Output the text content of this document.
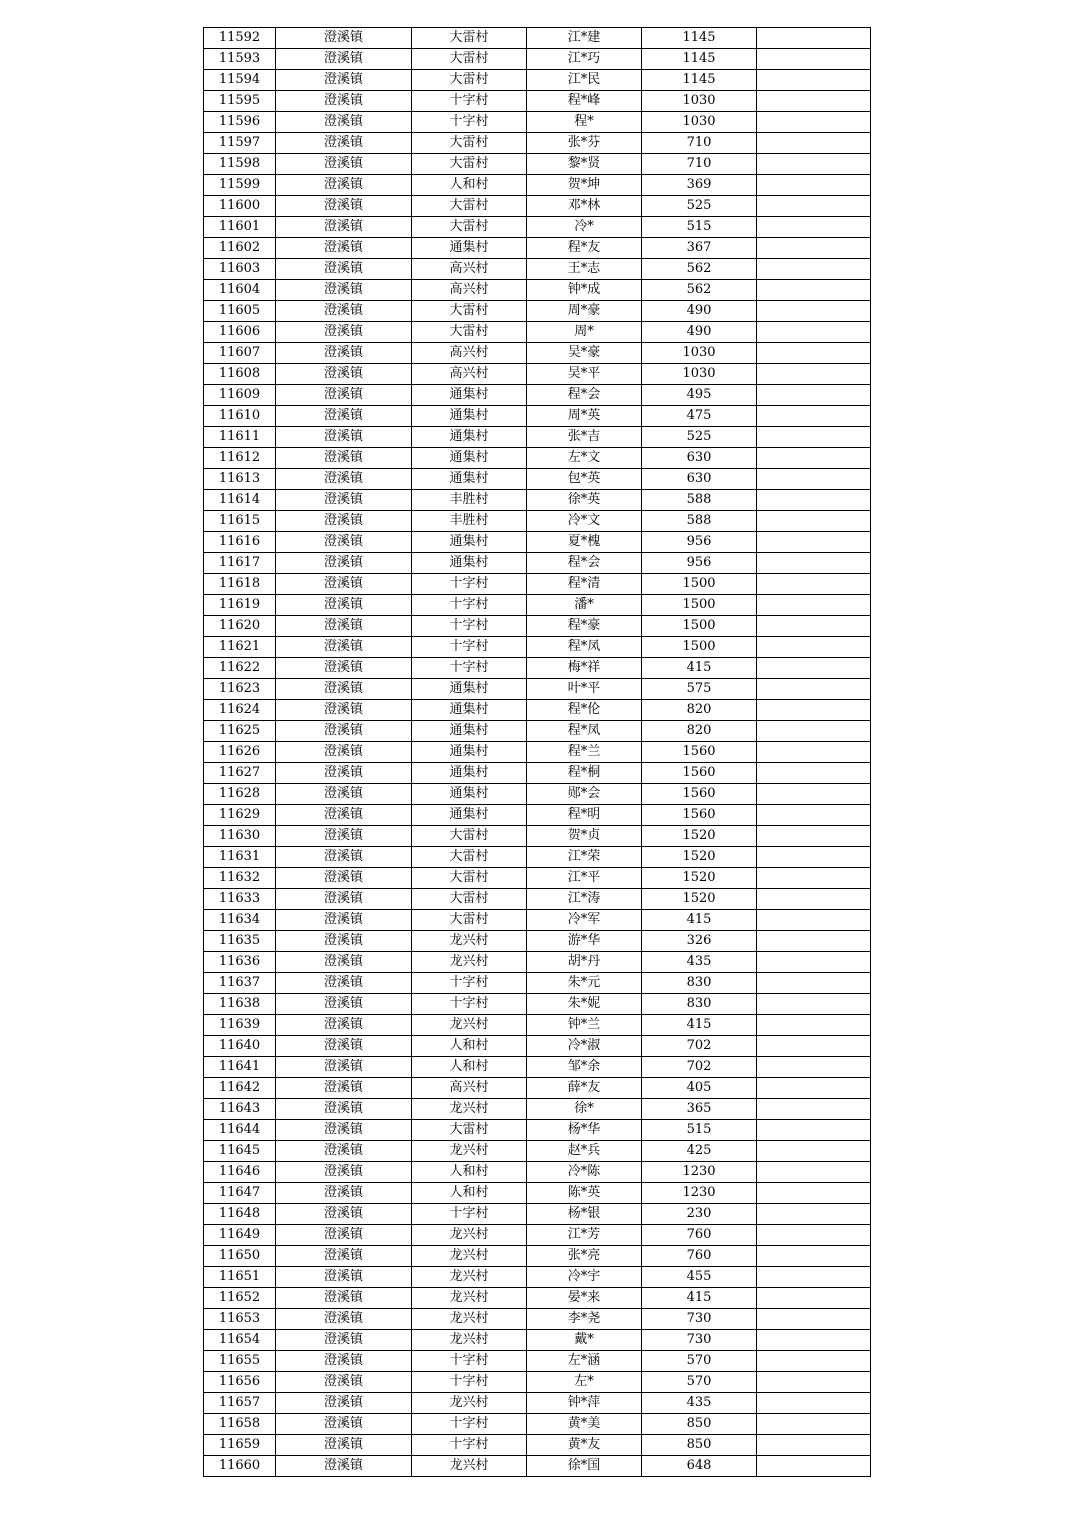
11592	澄溪镇	大雷村	江*建	1145	
11593	澄溪镇	大雷村	江*巧	1145	
11594	澄溪镇	大雷村	江*民	1145	
11595	澄溪镇	十字村	程*峰	1030	
11596	澄溪镇	十字村	程*	1030	
11597	澄溪镇	大雷村	张*芬	710	
11598	澄溪镇	大雷村	黎*贤	710	
11599	澄溪镇	人和村	贺*坤	369	
11600	澄溪镇	大雷村	邓*林	525	
11601	澄溪镇	大雷村	冷*	515	
11602	澄溪镇	通集村	程*友	367	
11603	澄溪镇	高兴村	王*志	562	
11604	澄溪镇	高兴村	钟*成	562	
11605	澄溪镇	大雷村	周*豪	490	
11606	澄溪镇	大雷村	周*	490	
11607	澄溪镇	高兴村	吴*豪	1030	
11608	澄溪镇	高兴村	吴*平	1030	
11609	澄溪镇	通集村	程*会	495	
11610	澄溪镇	通集村	周*英	475	
11611	澄溪镇	通集村	张*吉	525	
11612	澄溪镇	通集村	左*文	630	
11613	澄溪镇	通集村	包*英	630	
11614	澄溪镇	丰胜村	徐*英	588	
11615	澄溪镇	丰胜村	冷*文	588	
11616	澄溪镇	通集村	夏*槐	956	
11617	澄溪镇	通集村	程*会	956	
11618	澄溪镇	十字村	程*清	1500	
11619	澄溪镇	十字村	潘*	1500	
11620	澄溪镇	十字村	程*豪	1500	
11621	澄溪镇	十字村	程*凤	1500	
11622	澄溪镇	十字村	梅*祥	415	
11623	澄溪镇	通集村	叶*平	575	
11624	澄溪镇	通集村	程*伦	820	
11625	澄溪镇	通集村	程*凤	820	
11626	澄溪镇	通集村	程*兰	1560	
11627	澄溪镇	通集村	程*桐	1560	
11628	澄溪镇	通集村	郧*会	1560	
11629	澄溪镇	通集村	程*明	1560	
11630	澄溪镇	大雷村	贺*贞	1520	
11631	澄溪镇	大雷村	江*荣	1520	
11632	澄溪镇	大雷村	江*平	1520	
11633	澄溪镇	大雷村	江*涛	1520	
11634	澄溪镇	大雷村	冷*军	415	
11635	澄溪镇	龙兴村	游*华	326	
11636	澄溪镇	龙兴村	胡*丹	435	
11637	澄溪镇	十字村	朱*元	830	
11638	澄溪镇	十字村	朱*妮	830	
11639	澄溪镇	龙兴村	钟*兰	415	
11640	澄溪镇	人和村	冷*淑	702	
11641	澄溪镇	人和村	邹*余	702	
11642	澄溪镇	高兴村	薛*友	405	
11643	澄溪镇	龙兴村	徐*	365	
11644	澄溪镇	大雷村	杨*华	515	
11645	澄溪镇	龙兴村	赵*兵	425	
11646	澄溪镇	人和村	冷*陈	1230	
11647	澄溪镇	人和村	陈*英	1230	
11648	澄溪镇	十字村	杨*银	230	
11649	澄溪镇	龙兴村	江*芳	760	
11650	澄溪镇	龙兴村	张*亮	760	
11651	澄溪镇	龙兴村	冷*宇	455	
11652	澄溪镇	龙兴村	晏*来	415	
11653	澄溪镇	龙兴村	李*尧	730	
11654	澄溪镇	龙兴村	戴*	730	
11655	澄溪镇	十字村	左*涵	570	
11656	澄溪镇	十字村	左*	570	
11657	澄溪镇	龙兴村	钟*萍	435	
11658	澄溪镇	十字村	黄*美	850	
11659	澄溪镇	十字村	黄*友	850	
11660	澄溪镇	龙兴村	徐*国	648	
